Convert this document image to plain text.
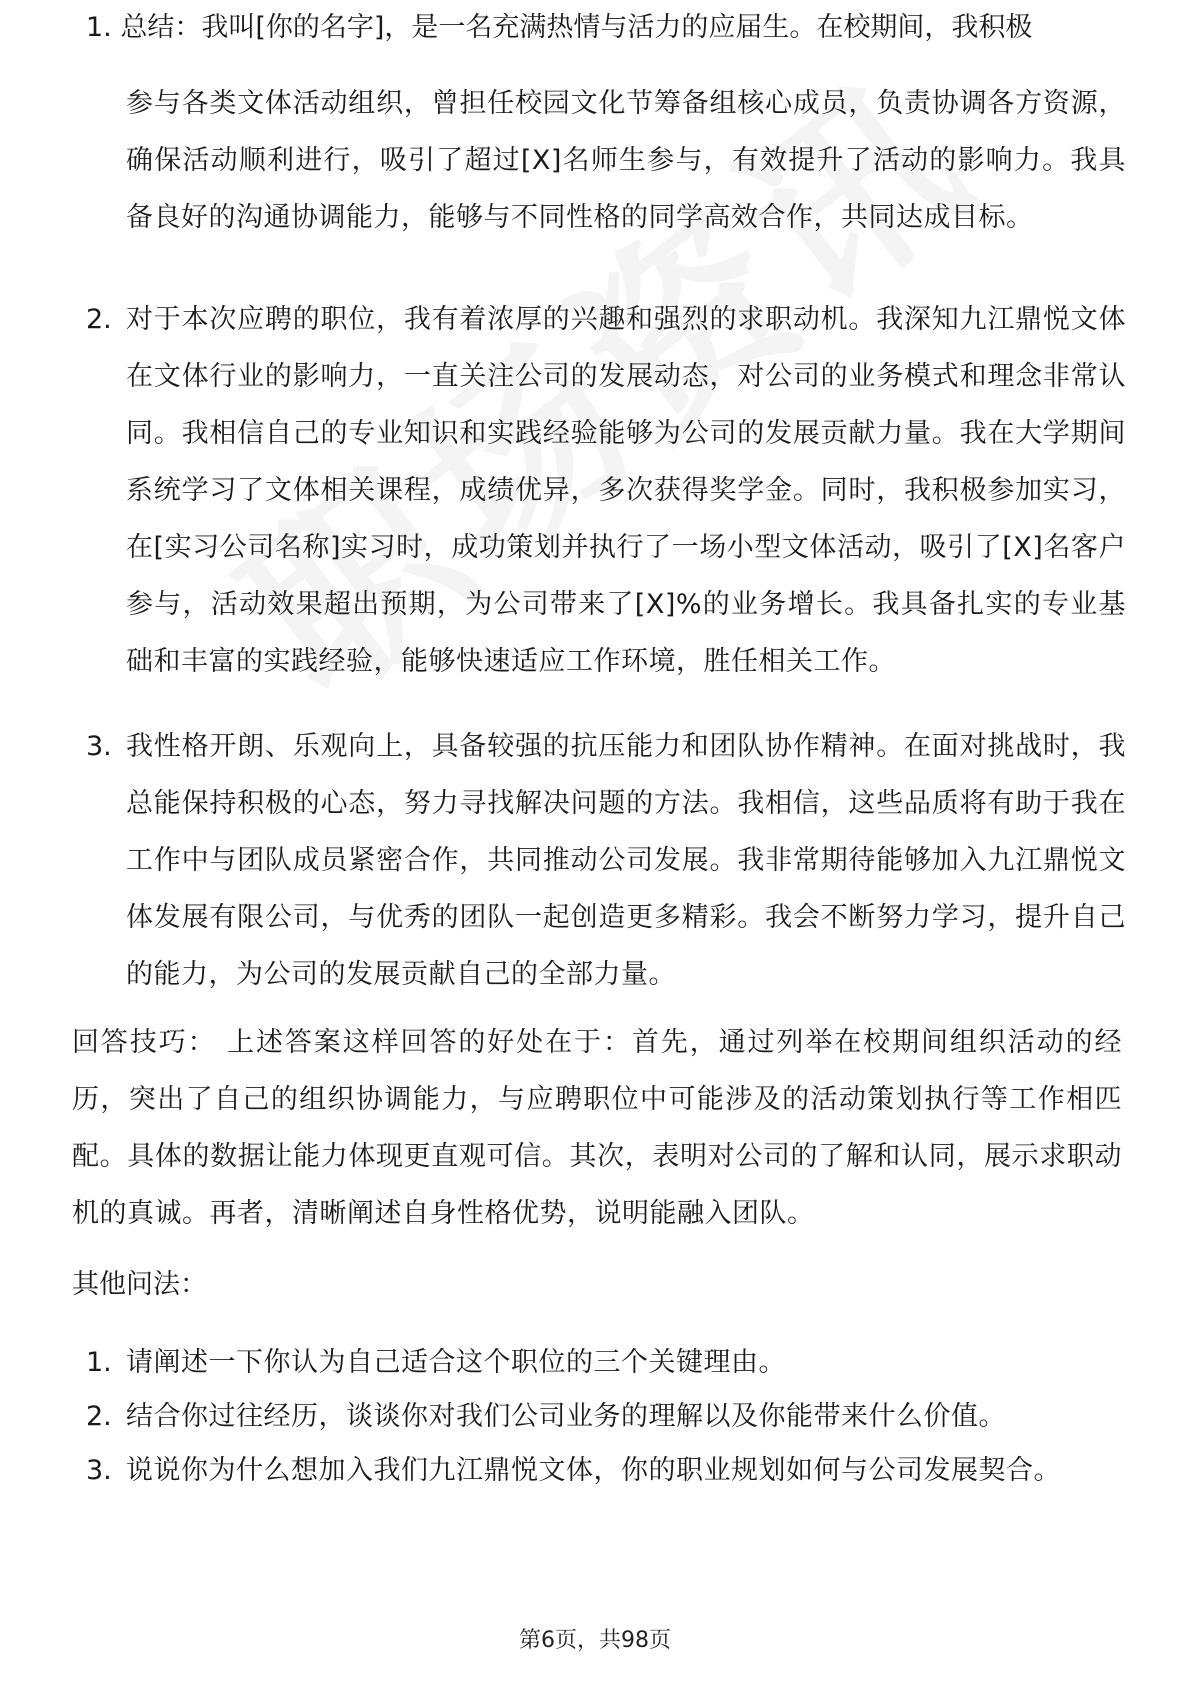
1. 总结：我叫[你的名字]，是一名充满热情与活力的应届生。在校期间，我积极
参与各类文体活动组织，曾担任校园文化节筹备组核心成员，负责协调各方资源，确保活动顺利进行，吸引了超过[X]名师生参与，有效提升了活动的影响力。我具备良好的沟通协调能力，能够与不同性格的同学高效合作，共同达成目标。
2. 对于本次应聘的职位，我有着浓厚的兴趣和强烈的求职动机。我深知九江鼎悦文体在文体行业的影响力，一直关注公司的发展动态，对公司的业务模式和理念非常认同。我相信自己的专业知识和实践经验能够为公司的发展贡献力量。我在大学期间系统学习了文体相关课程，成绩优异，多次获得奖学金。同时，我积极参加实习，在[实习公司名称]实习时，成功策划并执行了一场小型文体活动，吸引了[X]名客户参与，活动效果超出预期，为公司带来了[X]%的业务增长。我具备扎实的专业基础和丰富的实践经验，能够快速适应工作环境，胜任相关工作。
3. 我性格开朗、乐观向上，具备较强的抗压能力和团队协作精神。在面对挑战时，我总能保持积极的心态，努力寻找解决问题的方法。我相信，这些品质将有助于我在工作中与团队成员紧密合作，共同推动公司发展。我非常期待能够加入九江鼎悦文体发展有限公司，与优秀的团队一起创造更多精彩。我会不断努力学习，提升自己的能力，为公司的发展贡献自己的全部力量。
回答技巧： 上述答案这样回答的好处在于：首先，通过列举在校期间组织活动的经历，突出了自己的组织协调能力，与应聘职位中可能涉及的活动策划执行等工作相匹配。具体的数据让能力体现更直观可信。其次，表明对公司的了解和认同，展示求职动机的真诚。再者，清晰阐述自身性格优势，说明能融入团队。
其他问法：
1. 请阐述一下你认为自己适合这个职位的三个关键理由。
2. 结合你过往经历，谈谈你对我们公司业务的理解以及你能带来什么价值。
3. 说说你为什么想加入我们九江鼎悦文体，你的职业规划如何与公司发展契合。
第6页，共98页
